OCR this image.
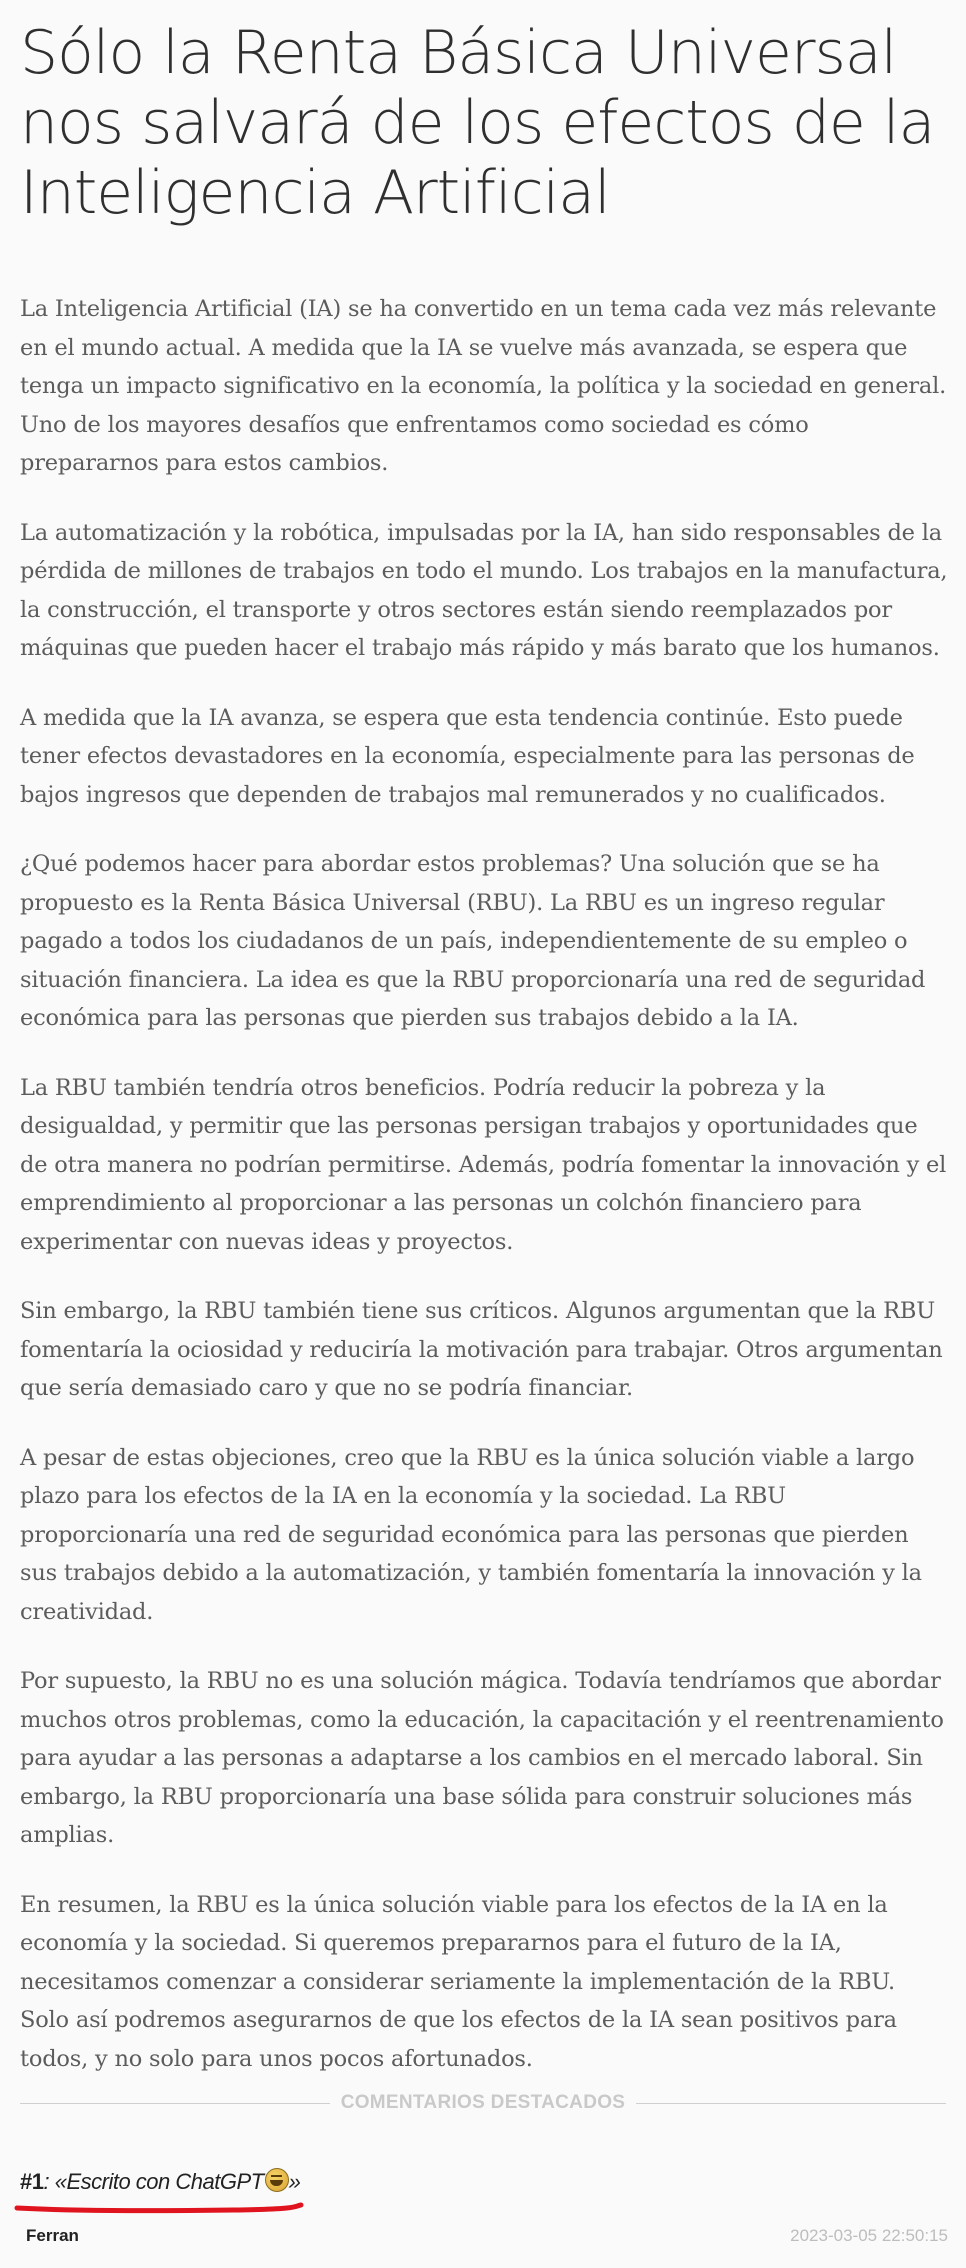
Sólo la Renta Básica Universal nos salvará de los efectos de la Inteligencia Artificial

La Inteligencia Artificial (IA) se ha convertido en un tema cada vez más relevante en el mundo actual. A medida que la IA se vuelve más avanzada, se espera que tenga un impacto significativo en la economía, la política y la sociedad en general. Uno de los mayores desafíos que enfrentamos como sociedad es cómo prepararnos para estos cambios.

La automatización y la robótica, impulsadas por la IA, han sido responsables de la pérdida de millones de trabajos en todo el mundo. Los trabajos en la manufactura, la construcción, el transporte y otros sectores están siendo reemplazados por máquinas que pueden hacer el trabajo más rápido y más barato que los humanos.

A medida que la IA avanza, se espera que esta tendencia continúe. Esto puede tener efectos devastadores en la economía, especialmente para las personas de bajos ingresos que dependen de trabajos mal remunerados y no cualificados.

¿Qué podemos hacer para abordar estos problemas? Una solución que se ha propuesto es la Renta Básica Universal (RBU). La RBU es un ingreso regular pagado a todos los ciudadanos de un país, independientemente de su empleo o situación financiera. La idea es que la RBU proporcionaría una red de seguridad económica para las personas que pierden sus trabajos debido a la IA.

La RBU también tendría otros beneficios. Podría reducir la pobreza y la desigualdad, y permitir que las personas persigan trabajos y oportunidades que de otra manera no podrían permitirse. Además, podría fomentar la innovación y el emprendimiento al proporcionar a las personas un colchón financiero para experimentar con nuevas ideas y proyectos.

Sin embargo, la RBU también tiene sus críticos. Algunos argumentan que la RBU fomentaría la ociosidad y reduciría la motivación para trabajar. Otros argumentan que sería demasiado caro y que no se podría financiar.

A pesar de estas objeciones, creo que la RBU es la única solución viable a largo plazo para los efectos de la IA en la economía y la sociedad. La RBU proporcionaría una red de seguridad económica para las personas que pierden sus trabajos debido a la automatización, y también fomentaría la innovación y la creatividad.

Por supuesto, la RBU no es una solución mágica. Todavía tendríamos que abordar muchos otros problemas, como la educación, la capacitación y el reentrenamiento para ayudar a las personas a adaptarse a los cambios en el mercado laboral. Sin embargo, la RBU proporcionaría una base sólida para construir soluciones más amplias.

En resumen, la RBU es la única solución viable para los efectos de la IA en la economía y la sociedad. Si queremos prepararnos para el futuro de la IA, necesitamos comenzar a considerar seriamente la implementación de la RBU. Solo así podremos asegurarnos de que los efectos de la IA sean positivos para todos, y no solo para unos pocos afortunados.

COMENTARIOS DESTACADOS
#1: «Escrito con ChatGPT »
Ferran	2023-03-05 22:50:15
